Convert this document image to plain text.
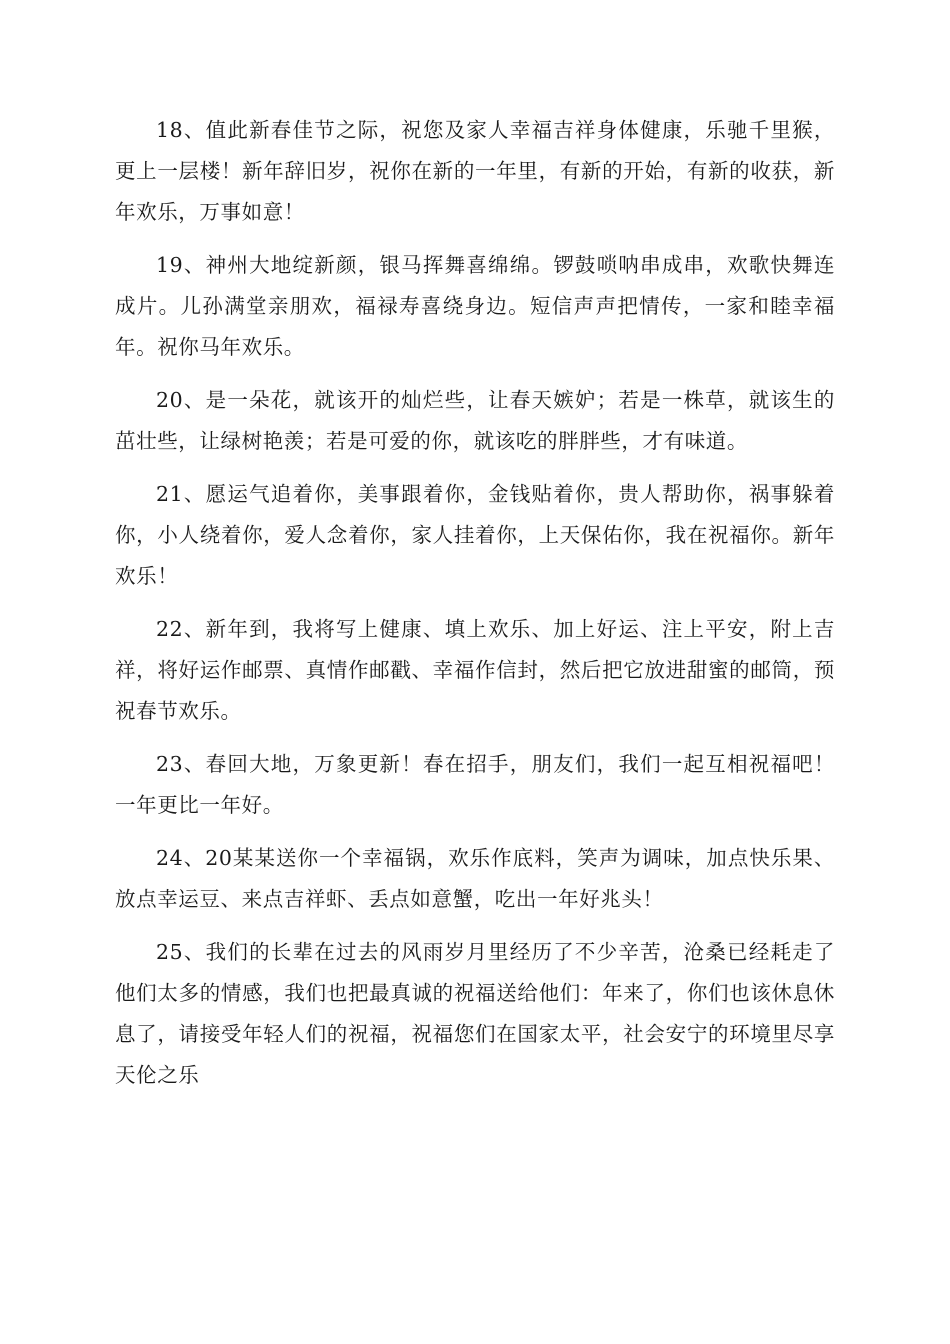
18、值此新春佳节之际，祝您及家人幸福吉祥身体健康，乐驰千里猴，更上一层楼！新年辞旧岁，祝你在新的一年里，有新的开始，有新的收获，新年欢乐，万事如意！

19、神州大地绽新颜，银马挥舞喜绵绵。锣鼓唢呐串成串，欢歌快舞连成片。儿孙满堂亲朋欢，福禄寿喜绕身边。短信声声把情传，一家和睦幸福年。祝你马年欢乐。

20、是一朵花，就该开的灿烂些，让春天嫉妒；若是一株草，就该生的茁壮些，让绿树艳羡；若是可爱的你，就该吃的胖胖些，才有味道。

21、愿运气追着你，美事跟着你，金钱贴着你，贵人帮助你，祸事躲着你，小人绕着你，爱人念着你，家人挂着你，上天保佑你，我在祝福你。新年欢乐！

22、新年到，我将写上健康、填上欢乐、加上好运、注上平安，附上吉祥，将好运作邮票、真情作邮戳、幸福作信封，然后把它放进甜蜜的邮筒，预祝春节欢乐。

23、春回大地，万象更新！春在招手，朋友们，我们一起互相祝福吧！一年更比一年好。

24、20某某送你一个幸福锅，欢乐作底料，笑声为调味，加点快乐果、放点幸运豆、来点吉祥虾、丢点如意蟹，吃出一年好兆头！

25、我们的长辈在过去的风雨岁月里经历了不少辛苦，沧桑已经耗走了他们太多的情感，我们也把最真诚的祝福送给他们：年来了，你们也该休息休息了，请接受年轻人们的祝福，祝福您们在国家太平，社会安宁的环境里尽享天伦之乐
